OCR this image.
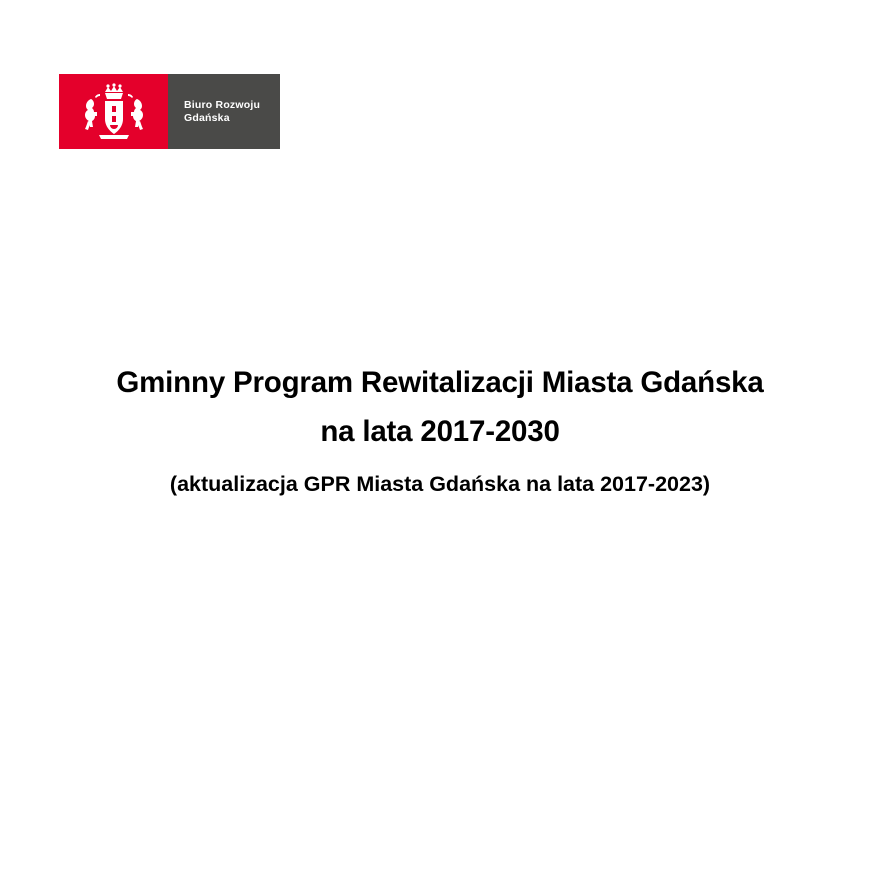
Biuro Rozwoju
Gdańska
Gminny Program Rewitalizacji Miasta Gdańska
na lata 2017-2030
(aktualizacja GPR Miasta Gdańska na lata 2017-2023)
